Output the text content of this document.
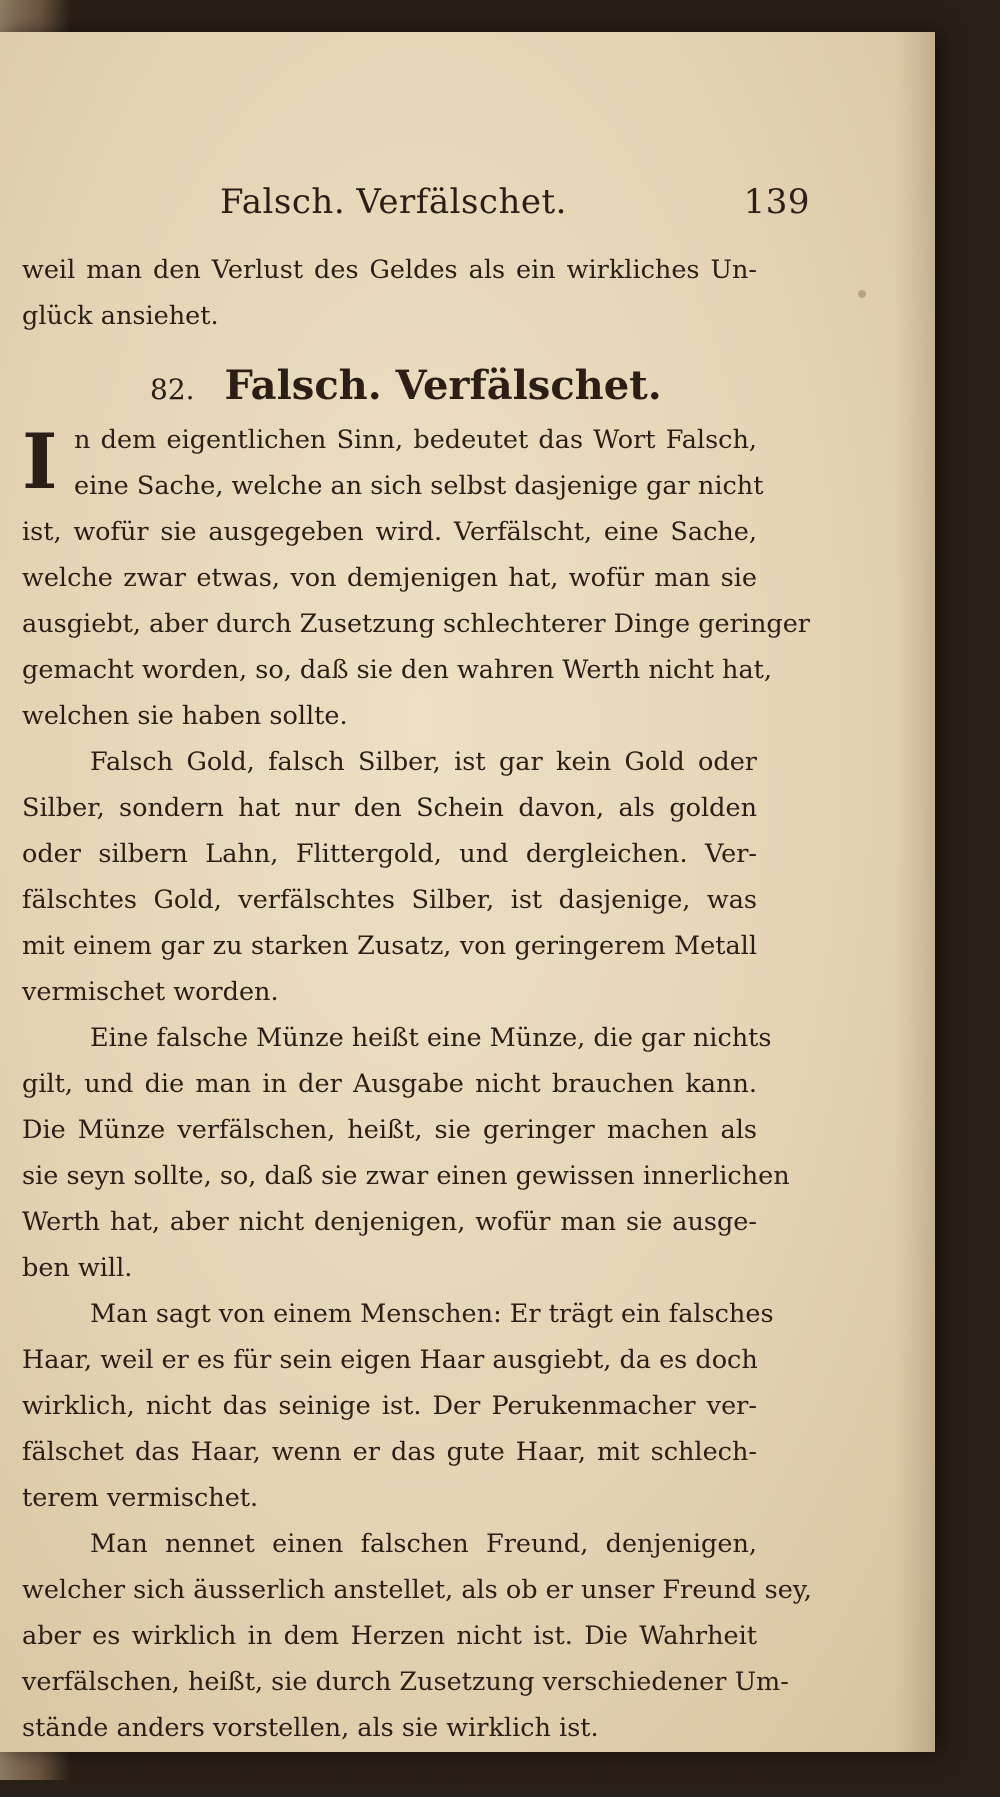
Falsch. Verfälschet.	139
weil man den Verlust des Geldes als ein wirkliches Un-
glück ansiehet.
82. Falsch. Verfälschet.
I n dem eigentlichen Sinn, bedeutet das Wort Falsch,
eine Sache, welche an sich selbst dasjenige gar nicht
ist, wofür sie ausgegeben wird. Verfälscht, eine Sache,
welche zwar etwas, von demjenigen hat, wofür man sie
ausgiebt, aber durch Zusetzung schlechterer Dinge geringer
gemacht worden, so, daß sie den wahren Werth nicht hat,
welchen sie haben sollte.
Falsch Gold, falsch Silber, ist gar kein Gold oder
Silber, sondern hat nur den Schein davon, als golden
oder silbern Lahn, Flittergold, und dergleichen. Ver-
fälschtes Gold, verfälschtes Silber, ist dasjenige, was
mit einem gar zu starken Zusatz, von geringerem Metall
vermischet worden.
Eine falsche Münze heißt eine Münze, die gar nichts
gilt, und die man in der Ausgabe nicht brauchen kann.
Die Münze verfälschen, heißt, sie geringer machen als
sie seyn sollte, so, daß sie zwar einen gewissen innerlichen
Werth hat, aber nicht denjenigen, wofür man sie ausge-
ben will.
Man sagt von einem Menschen: Er trägt ein falsches
Haar, weil er es für sein eigen Haar ausgiebt, da es doch
wirklich, nicht das seinige ist. Der Perukenmacher ver-
fälschet das Haar, wenn er das gute Haar, mit schlech-
terem vermischet.
Man nennet einen falschen Freund, denjenigen,
welcher sich äusserlich anstellet, als ob er unser Freund sey,
aber es wirklich in dem Herzen nicht ist. Die Wahrheit
verfälschen, heißt, sie durch Zusetzung verschiedener Um-
stände anders vorstellen, als sie wirklich ist.
Ein Satz ist falsch, wenn er gar keine Wahrheit in
